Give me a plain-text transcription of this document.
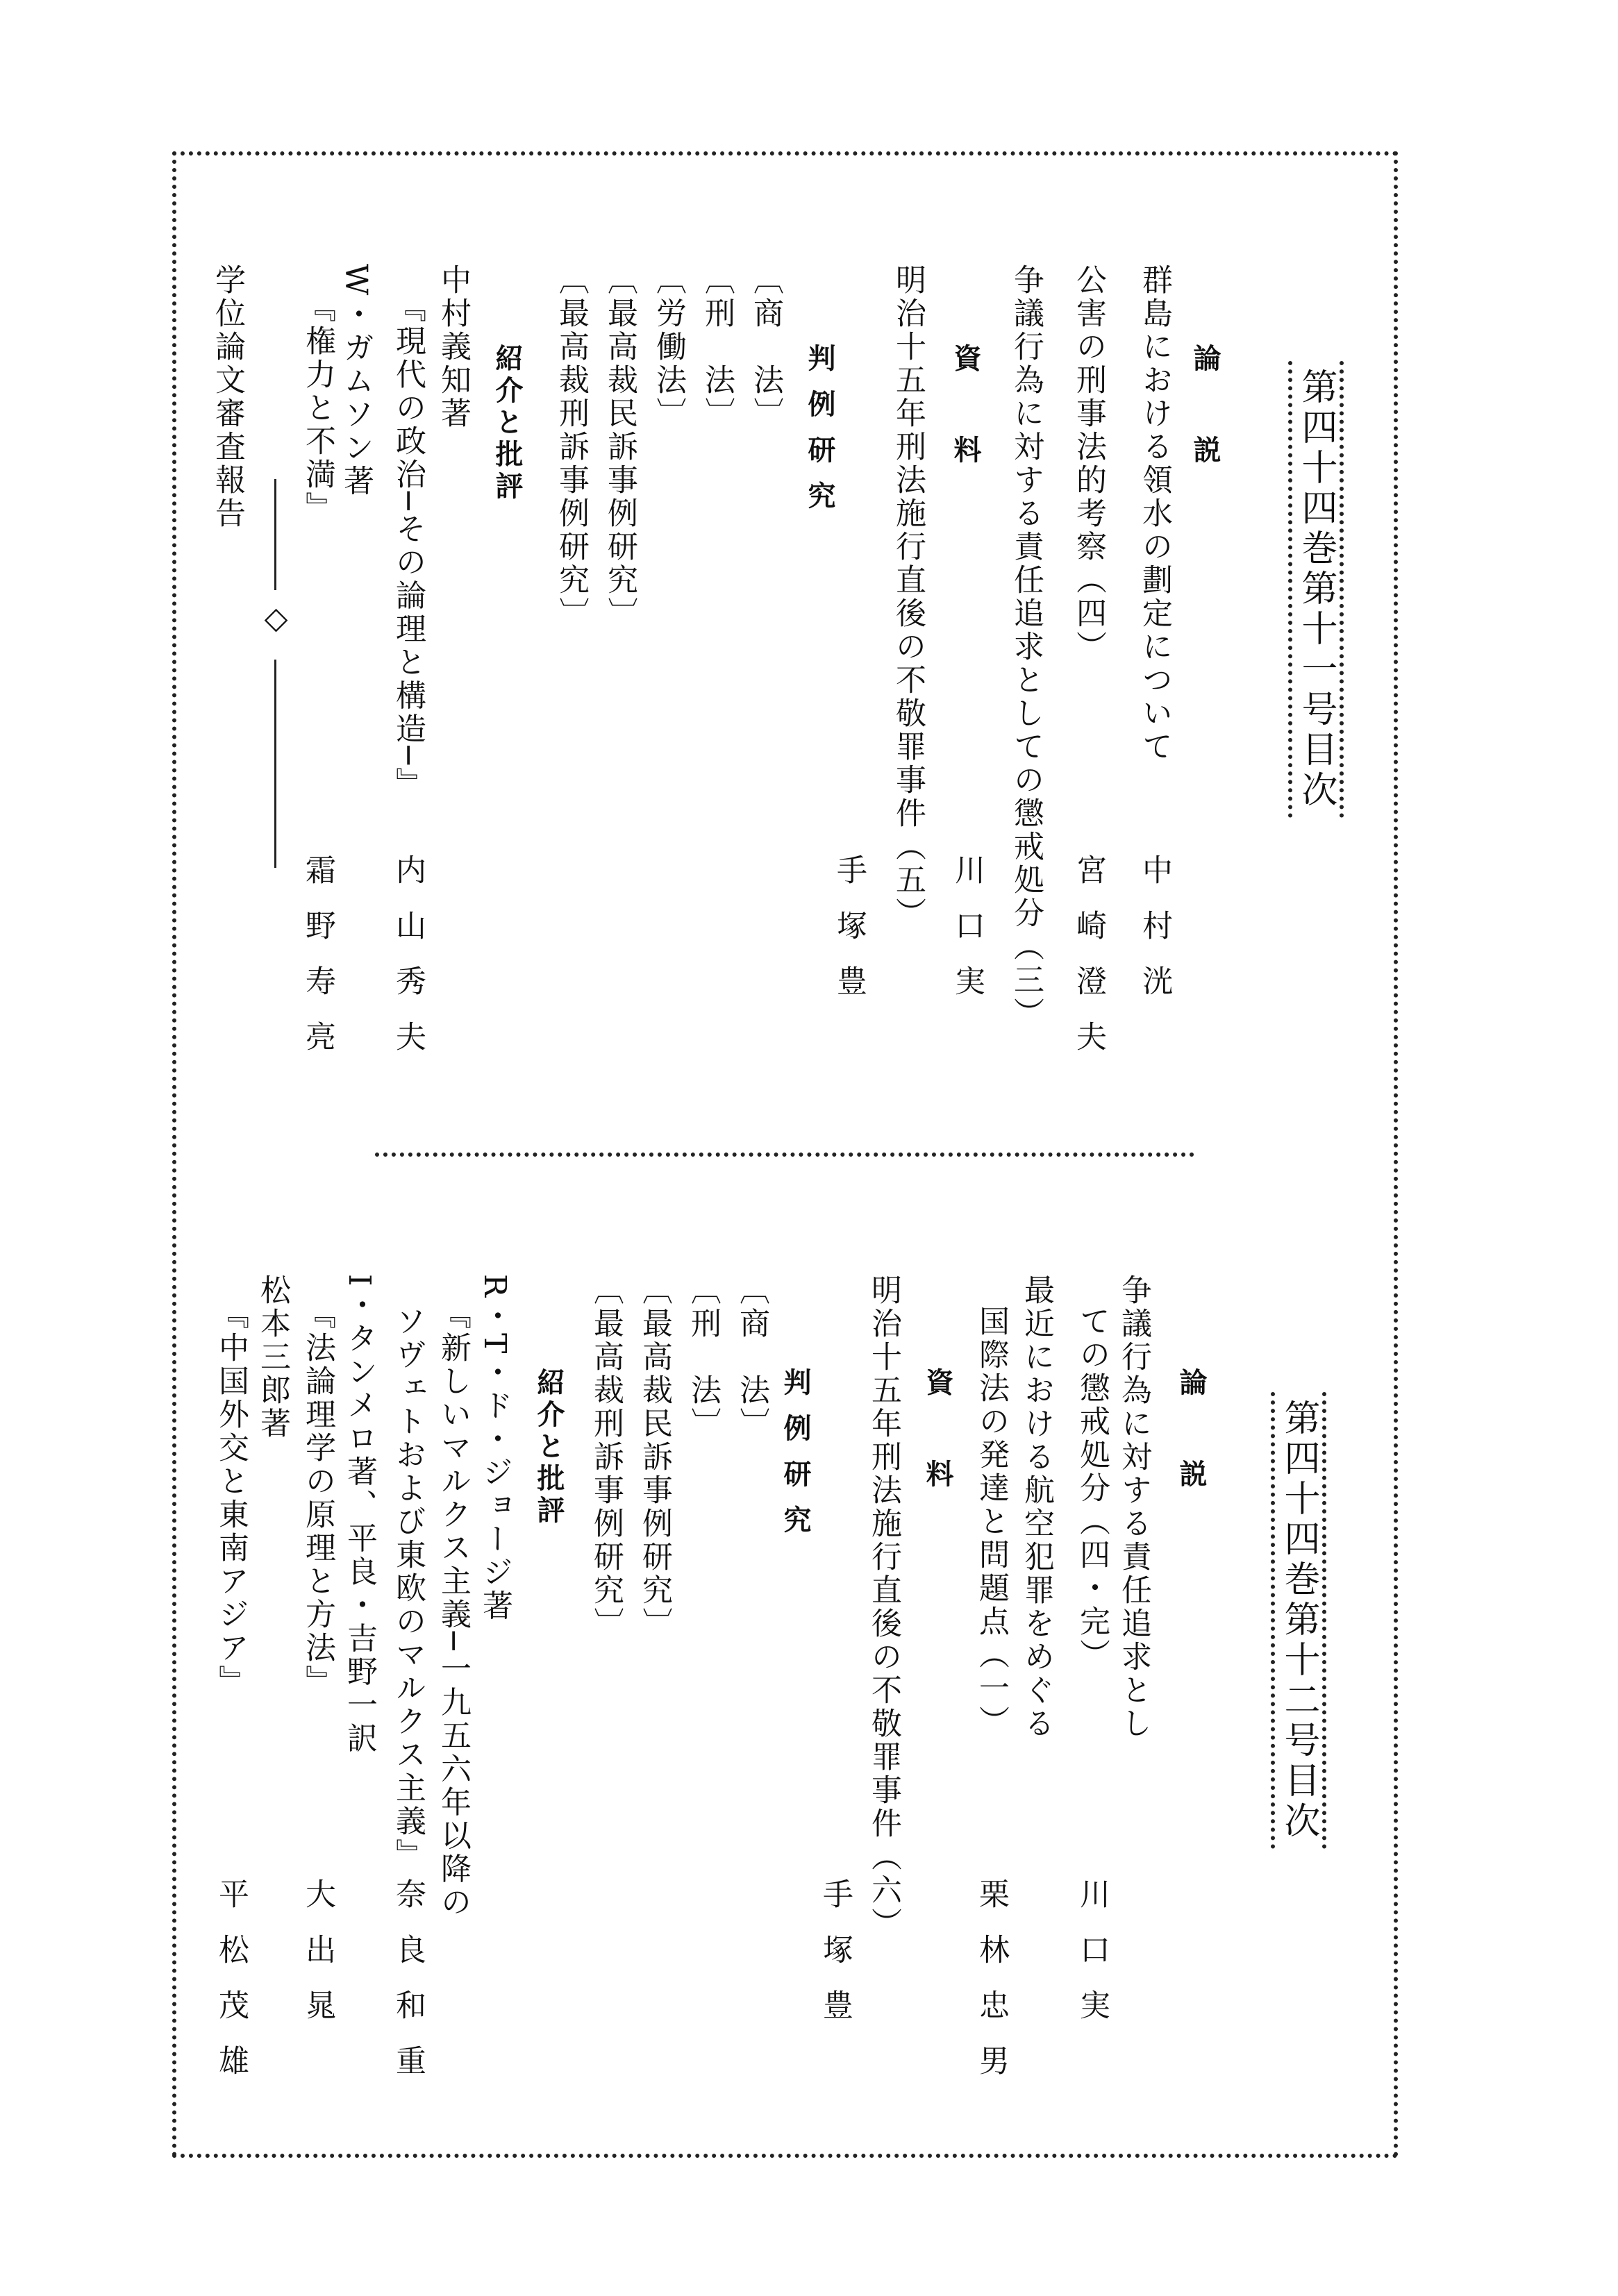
第四十四巻第十一号目次
論　説
群島における領水の劃定について
中村洸
公害の刑事法的考察（四）
宮崎澄夫
争議行為に対する責任追求としての懲戒処分（三）
資　料
川口実
明治十五年刑法施行直後の不敬罪事件（五）
判例研究
手塚豊
〔商　法〕
〔刑　法〕
〔労働法〕
〔最高裁民訴事例研究〕
〔最高裁刑訴事例研究〕
紹介と批評
中村義知著
『現代の政治─その論理と構造─』
内山秀夫
W・ガムソン著
『権力と不満』
霜野寿亮
◇
学位論文審査報告
第四十四巻第十二号目次
論　説
争議行為に対する責任追求とし
ての懲戒処分（四・完）
川口実
最近における航空犯罪をめぐる
国際法の発達と問題点（一）
栗林忠男
資　料
明治十五年刑法施行直後の不敬罪事件（六）
判例研究
手塚豊
〔商　法〕
〔刑　法〕
〔最高裁民訴事例研究〕
〔最高裁刑訴事例研究〕
紹介と批評
R・T・ド・ジョージ著
『新しいマルクス主義─一九五六年以降の
ソヴェトおよび東欧のマルクス主義』
奈良和重
I・タンメロ著、平良・吉野一訳
『法論理学の原理と方法』
大出晁
松本三郎著
『中国外交と東南アジア』
平松茂雄
